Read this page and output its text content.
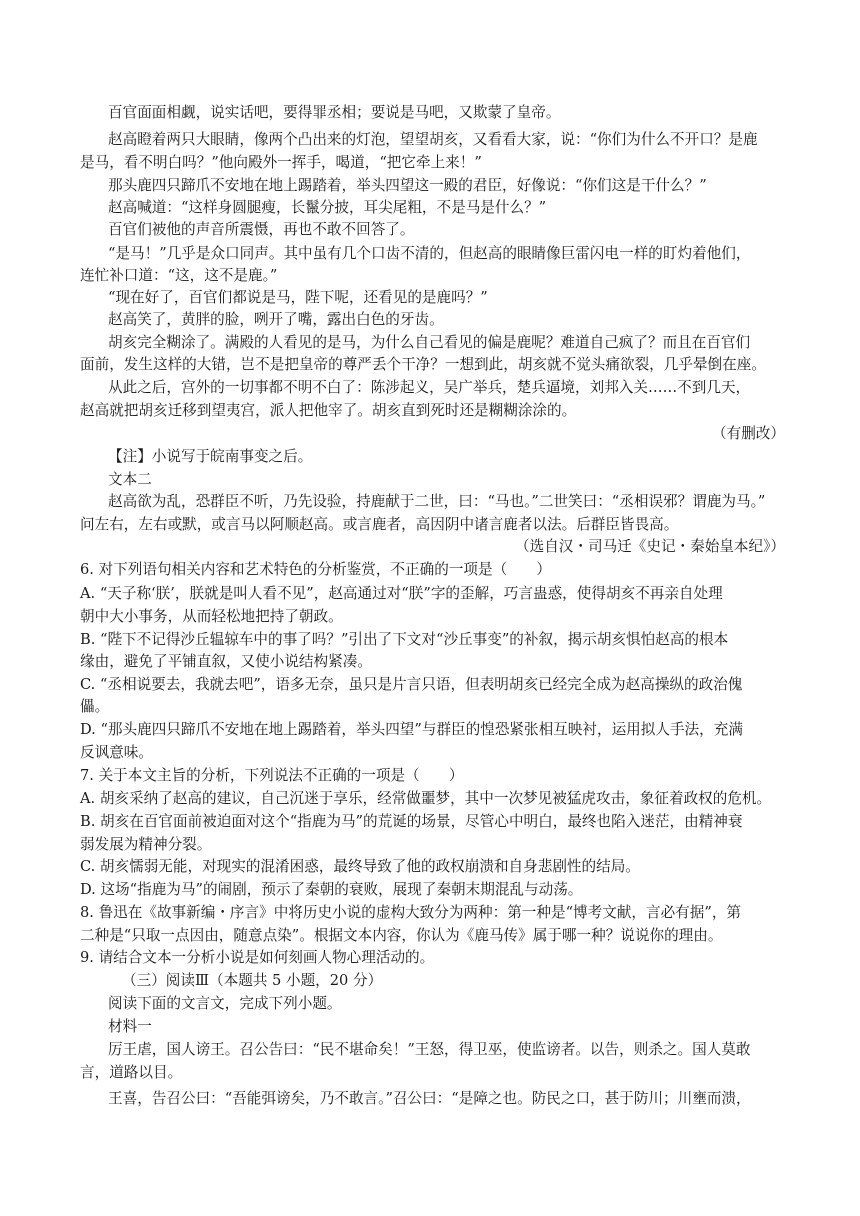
百官面面相觑，说实话吧，要得罪丞相；要说是马吧，又欺蒙了皇帝。
赵高瞪着两只大眼睛，像两个凸出来的灯泡，望望胡亥，又看看大家，说：“你们为什么不开口？是鹿
是马，看不明白吗？”他向殿外一挥手，喝道，“把它牵上来！”
那头鹿四只蹄爪不安地在地上踢踏着，举头四望这一殿的君臣，好像说：“你们这是干什么？”
赵高喊道：“这样身圆腿瘦，长鬣分披，耳尖尾粗，不是马是什么？”
百官们被他的声音所震慑，再也不敢不回答了。
“是马！”几乎是众口同声。其中虽有几个口齿不清的，但赵高的眼睛像巨雷闪电一样的盯灼着他们，
连忙补口道：“这，这不是鹿。”
“现在好了，百官们都说是马，陛下呢，还看见的是鹿吗？”
赵高笑了，黄胖的脸，咧开了嘴，露出白色的牙齿。
胡亥完全糊涂了。满殿的人看见的是马，为什么自己看见的偏是鹿呢？难道自己疯了？而且在百官们
面前，发生这样的大错，岂不是把皇帝的尊严丢个干净？一想到此，胡亥就不觉头痛欲裂，几乎晕倒在座。
从此之后，宫外的一切事都不明不白了：陈涉起义，吴广举兵，楚兵逼境，刘邦入关……不到几天，
赵高就把胡亥迁移到望夷宫，派人把他宰了。胡亥直到死时还是糊糊涂涂的。
（有删改）
【注】小说写于皖南事变之后。
文本二
赵高欲为乱，恐群臣不听，乃先设验，持鹿献于二世，曰：“马也。”二世笑曰：“丞相误邪？谓鹿为马。”
问左右，左右或默，或言马以阿顺赵高。或言鹿者，高因阴中诸言鹿者以法。后群臣皆畏高。
（选自汉・司马迁《史记・秦始皇本纪》）
6. 对下列语句相关内容和艺术特色的分析鉴赏，不正确的一项是（　　）
A. “天子称‘朕’，朕就是叫人看不见”，赵高通过对“朕”字的歪解，巧言蛊惑，使得胡亥不再亲自处理
朝中大小事务，从而轻松地把持了朝政。
B. “陛下不记得沙丘辒辌车中的事了吗？”引出了下文对“沙丘事变”的补叙，揭示胡亥惧怕赵高的根本
缘由，避免了平铺直叙，又使小说结构紧凑。
C. “丞相说要去，我就去吧”，语多无奈，虽只是片言只语，但表明胡亥已经完全成为赵高操纵的政治傀
儡。
D. “那头鹿四只蹄爪不安地在地上踢踏着，举头四望”与群臣的惶恐紧张相互映衬，运用拟人手法，充满
反讽意味。
7. 关于本文主旨的分析，下列说法不正确的一项是（　　）
A. 胡亥采纳了赵高的建议，自己沉迷于享乐，经常做噩梦，其中一次梦见被猛虎攻击，象征着政权的危机。
B. 胡亥在百官面前被迫面对这个“指鹿为马”的荒诞的场景，尽管心中明白，最终也陷入迷茫，由精神衰
弱发展为精神分裂。
C. 胡亥懦弱无能，对现实的混淆困惑，最终导致了他的政权崩溃和自身悲剧性的结局。
D. 这场“指鹿为马”的闹剧，预示了秦朝的衰败，展现了秦朝末期混乱与动荡。
8. 鲁迅在《故事新编・序言》中将历史小说的虚构大致分为两种：第一种是“博考文献，言必有据”，第
二种是“只取一点因由，随意点染”。根据文本内容，你认为《鹿马传》属于哪一种？说说你的理由。
9. 请结合文本一分析小说是如何刻画人物心理活动的。
（三）阅读Ⅲ（本题共 5 小题，20 分）
阅读下面的文言文，完成下列小题。
材料一
厉王虐，国人谤王。召公告曰：“民不堪命矣！”王怒，得卫巫，使监谤者。以告，则杀之。国人莫敢
言，道路以目。
王喜，告召公曰：“吾能弭谤矣，乃不敢言。”召公曰：“是障之也。防民之口，甚于防川；川壅而溃，
